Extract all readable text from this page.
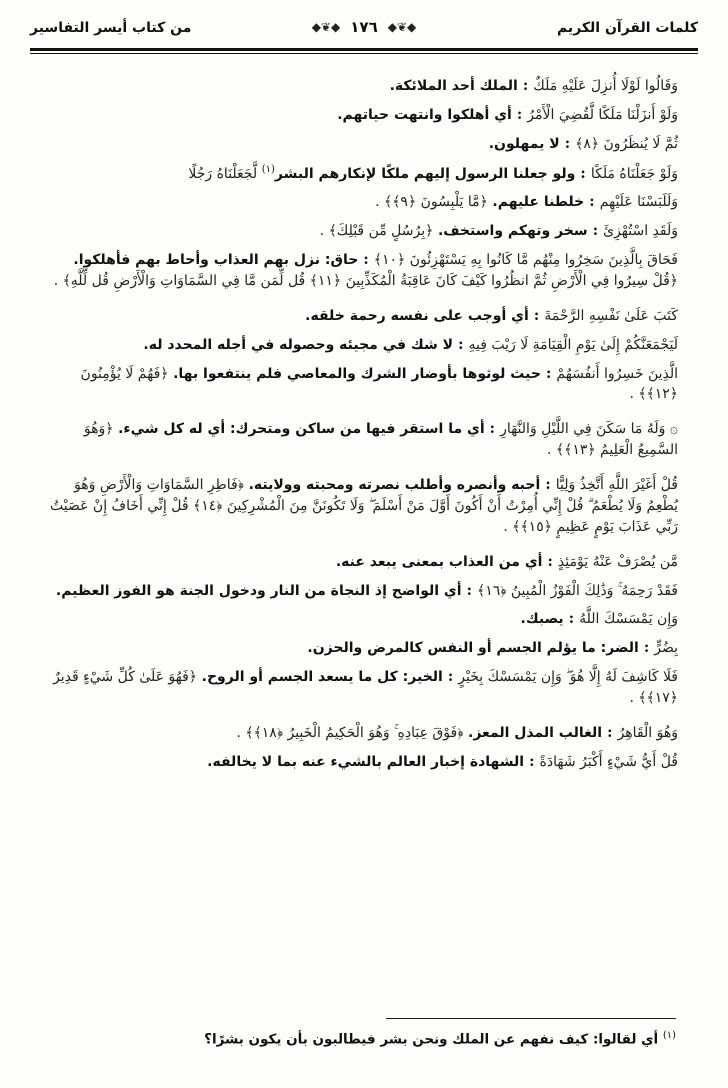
كلمات القرآن الكريم
◆❦◆ ١٧٦ ◆❦◆
من كتاب أيسر التفاسير

وَقَالُوا لَوْلَا أُنزِلَ عَلَيْهِ مَلَكٌ : الملك أحد الملائكة.

وَلَوْ أَنزَلْنَا مَلَكًا لَّقُضِيَ الْأَمْرُ : أي أهلكوا وانتهت حياتهم.

ثُمَّ لَا يُنظَرُونَ ﴿٨﴾ : لا يمهلون.

وَلَوْ جَعَلْنَاهُ مَلَكًا : ولو جعلنا الرسول إليهم ملكًا لإنكارهم البشر$^{(١)}$ لَّجَعَلْنَاهُ رَجُلًا

وَلَلَبَسْنَا عَلَيْهِم : خلطنا عليهم. ﴿مَّا يَلْبِسُونَ ﴿٩﴾﴾ .

وَلَقَدِ اسْتُهْزِئَ : سخر وتهكم واستخف. ﴿بِرُسُلٍ مِّن قَبْلِكَ﴾ .

فَحَاقَ بِالَّذِينَ سَخِرُوا مِنْهُم مَّا كَانُوا بِهِ يَسْتَهْزِئُونَ ﴿١٠﴾ : حاق: نزل بهم العذاب وأحاط بهم فأهلكوا. ﴿قُلْ سِيرُوا فِي الْأَرْضِ ثُمَّ انظُرُوا كَيْفَ كَانَ عَاقِبَةُ الْمُكَذِّبِينَ ﴿١١﴾ قُل لِّمَن مَّا فِي السَّمَاوَاتِ وَالْأَرْضِ قُل لِّلَّهِ﴾ .

كَتَبَ عَلَىٰ نَفْسِهِ الرَّحْمَةَ : أي أوجب على نفسه رحمة خلقه.

لَيَجْمَعَنَّكُمْ إِلَىٰ يَوْمِ الْقِيَامَةِ لَا رَيْبَ فِيهِ : لا شك في مجيئه وحصوله في أجله المحدد له.

الَّذِينَ خَسِرُوا أَنفُسَهُمْ : حيث لوثوها بأوضار الشرك والمعاصي فلم ينتفعوا بها. ﴿فَهُمْ لَا يُؤْمِنُونَ ﴿١٢﴾﴾ .

۞ وَلَهُ مَا سَكَنَ فِي اللَّيْلِ وَالنَّهَارِ : أي ما استقر فيها من ساكن ومتحرك: أي له كل شيء. ﴿وَهُوَ السَّمِيعُ الْعَلِيمُ ﴿١٣﴾﴾ .

قُلْ أَغَيْرَ اللَّهِ أَتَّخِذُ وَلِيًّا : أحبه وأنصره وأطلب نصرته ومحبته وولايته. ﴿فَاطِرِ السَّمَاوَاتِ وَالْأَرْضِ وَهُوَ يُطْعِمُ وَلَا يُطْعَمُ ۗ قُلْ إِنِّي أُمِرْتُ أَنْ أَكُونَ أَوَّلَ مَنْ أَسْلَمَ ۖ وَلَا تَكُونَنَّ مِنَ الْمُشْرِكِينَ ﴿١٤﴾ قُلْ إِنِّي أَخَافُ إِنْ عَصَيْتُ رَبِّي عَذَابَ يَوْمٍ عَظِيمٍ ﴿١٥﴾﴾ .

مَّن يُصْرَفْ عَنْهُ يَوْمَئِذٍ : أي من العذاب بمعنى يبعد عنه.

فَقَدْ رَحِمَهُ ۚ وَذَٰلِكَ الْفَوْزُ الْمُبِينُ ﴿١٦﴾ : أي الواضح إذ النجاة من النار ودخول الجنة هو الفوز العظيم.

وَإِن يَمْسَسْكَ اللَّهُ : يصبك.

بِضُرٍّ : الضر: ما يؤلم الجسم أو النفس كالمرض والحزن.

فَلَا كَاشِفَ لَهُ إِلَّا هُوَ ۖ وَإِن يَمْسَسْكَ بِخَيْرٍ : الخير: كل ما يسعد الجسم أو الروح. ﴿فَهُوَ عَلَىٰ كُلِّ شَيْءٍ قَدِيرٌ ﴿١٧﴾﴾ .

وَهُوَ الْقَاهِرُ : الغالب المذل المعز. ﴿فَوْقَ عِبَادِهِ ۚ وَهُوَ الْحَكِيمُ الْخَبِيرُ ﴿١٨﴾﴾ .

قُلْ أَيُّ شَيْءٍ أَكْبَرُ شَهَادَةً : الشهادة إخبار العالم بالشيء عنه بما لا يخالفه.

$^{(١)}$ أي لقالوا: كيف نفهم عن الملك ونحن بشر فيطالبون بأن يكون بشرًا؟
